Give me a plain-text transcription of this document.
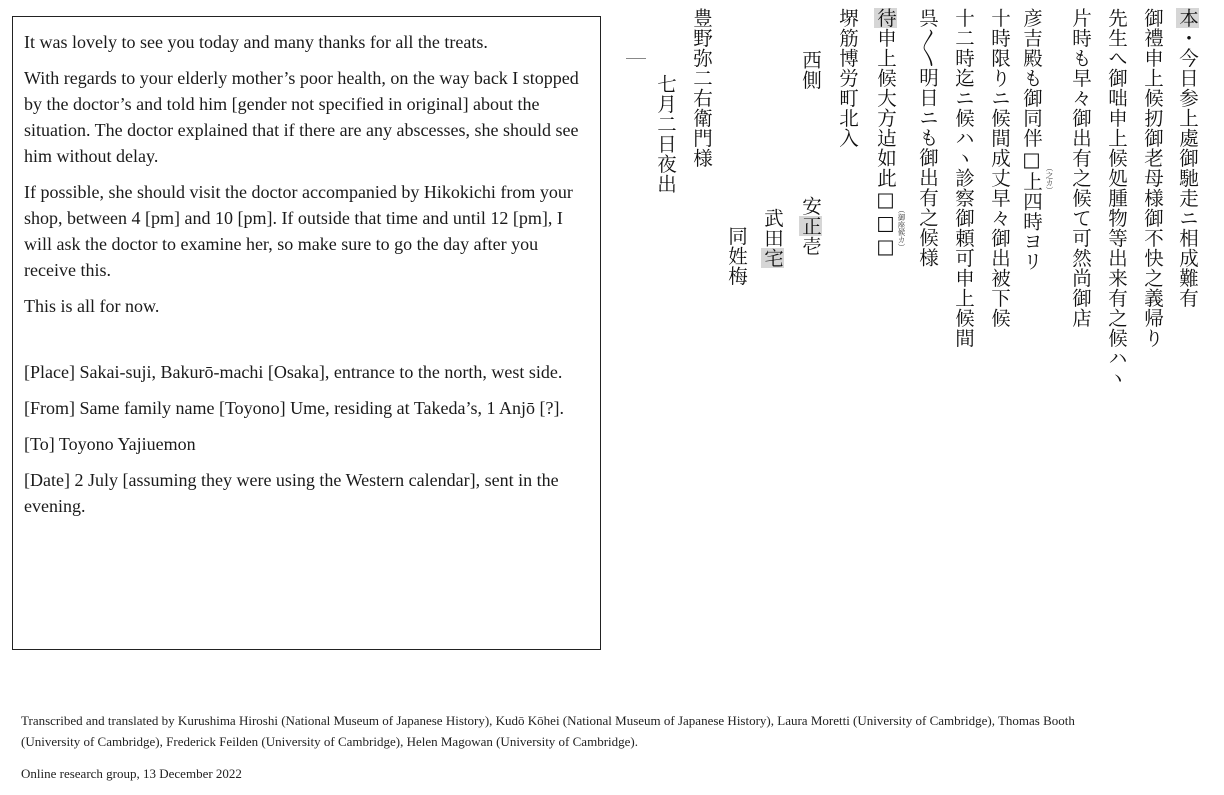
It was lovely to see you today and many thanks for all the treats.

With regards to your elderly mother’s poor health, on the way back I stopped by the doctor’s and told him [gender not specified in original] about the situation. The doctor explained that if there are any abscesses, she should see him without delay.

If possible, she should visit the doctor accompanied by Hikokichi from your shop, between 4 [pm] and 10 [pm]. If outside that time and until 12 [pm], I will ask the doctor to examine her, so make sure to go the day after you receive this.

This is all for now.

[Place] Sakai-suji, Bakurō-machi [Osaka], entrance to the north, west side.

[From] Same family name [Toyono] Ume, residing at Takeda’s, 1 Anjō [?].

[To] Toyono Yajiuemon

[Date] 2 July [assuming they were using the Western calendar], sent in the evening.

本・今日参上處御馳走ニ相成難有
御禮申上候扨御老母様御不快之義帰り
先生へ御咄申上候処腫物等出来有之候ハヽ
片時も早々御出有之候て可然尚御店
彦吉殿も御同伴□上四時ヨリ （之カ）
十時限りニ候間成丈早々御出被下候
十二時迄ニ候ハヽ診察御頼可申上候間
呉〱明日ニも御出有之候様
待申上候大方迠如此□□□ （御座候カ）
堺筋博労町北入
西側
安正壱
武田宅
同姓梅
豊野弥二右衛門様
七月二日夜出

Transcribed and translated by Kurushima Hiroshi (National Museum of Japanese History), Kudō Kōhei (National Museum of Japanese History), Laura Moretti (University of Cambridge), Thomas Booth (University of Cambridge), Frederick Feilden (University of Cambridge), Helen Magowan (University of Cambridge).

Online research group, 13 December 2022
